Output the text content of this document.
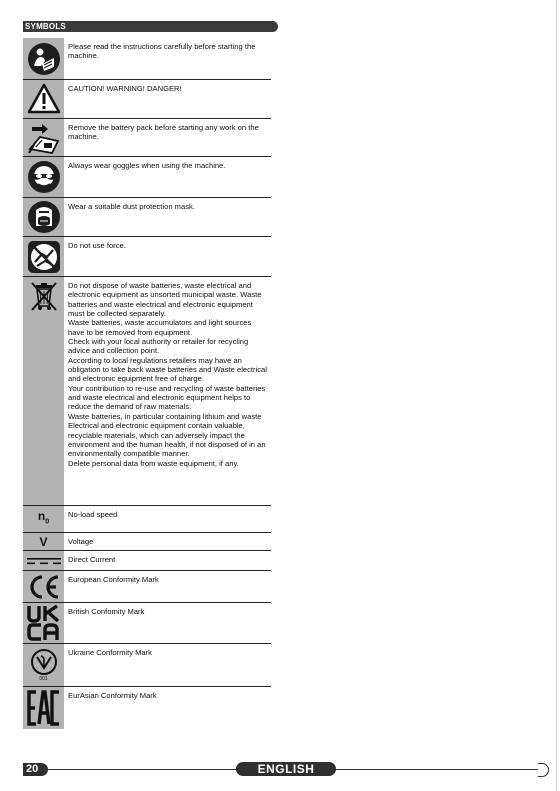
SYMBOLS
Please read the instructions carefully before starting the machine.
CAUTION! WARNING! DANGER!
Remove the battery pack before starting any work on the machine.
Always wear goggles when using the machine.
Wear a suitable dust protection mask.
Do not use force.
Do not dispose of waste batteries, waste electrical and electronic equipment as unsorted municipal waste. Waste batteries and waste electrical and electronic equipment must be collected separately.
Waste batteries, waste accumulators and light sources have to be removed from equipment.
Check with your local authority or retailer for recycling advice and collection point.
According to local regulations retailers may have an obligation to take back waste batteries and Waste electrical and electronic equipment free of charge.
Your contribution to re-use and recycling of waste batteries and waste electrical and electronic equipment helps to reduce the demand of raw materials.
Waste batteries, in particular containing lithium and waste Electrical and electronic equipment contain valuable, recyclable materials, which can adversely impact the environment and the human health, if not disposed of in an environmentally compatible manner.
Delete personal data from waste equipment, if any.
$n_0$
No-load speed
V	Voltage
Direct Current
European Conformity Mark
British Confomity Mark
001
Ukraine Conformity Mark
EurAsian Conformity Mark
20	ENGLISH
